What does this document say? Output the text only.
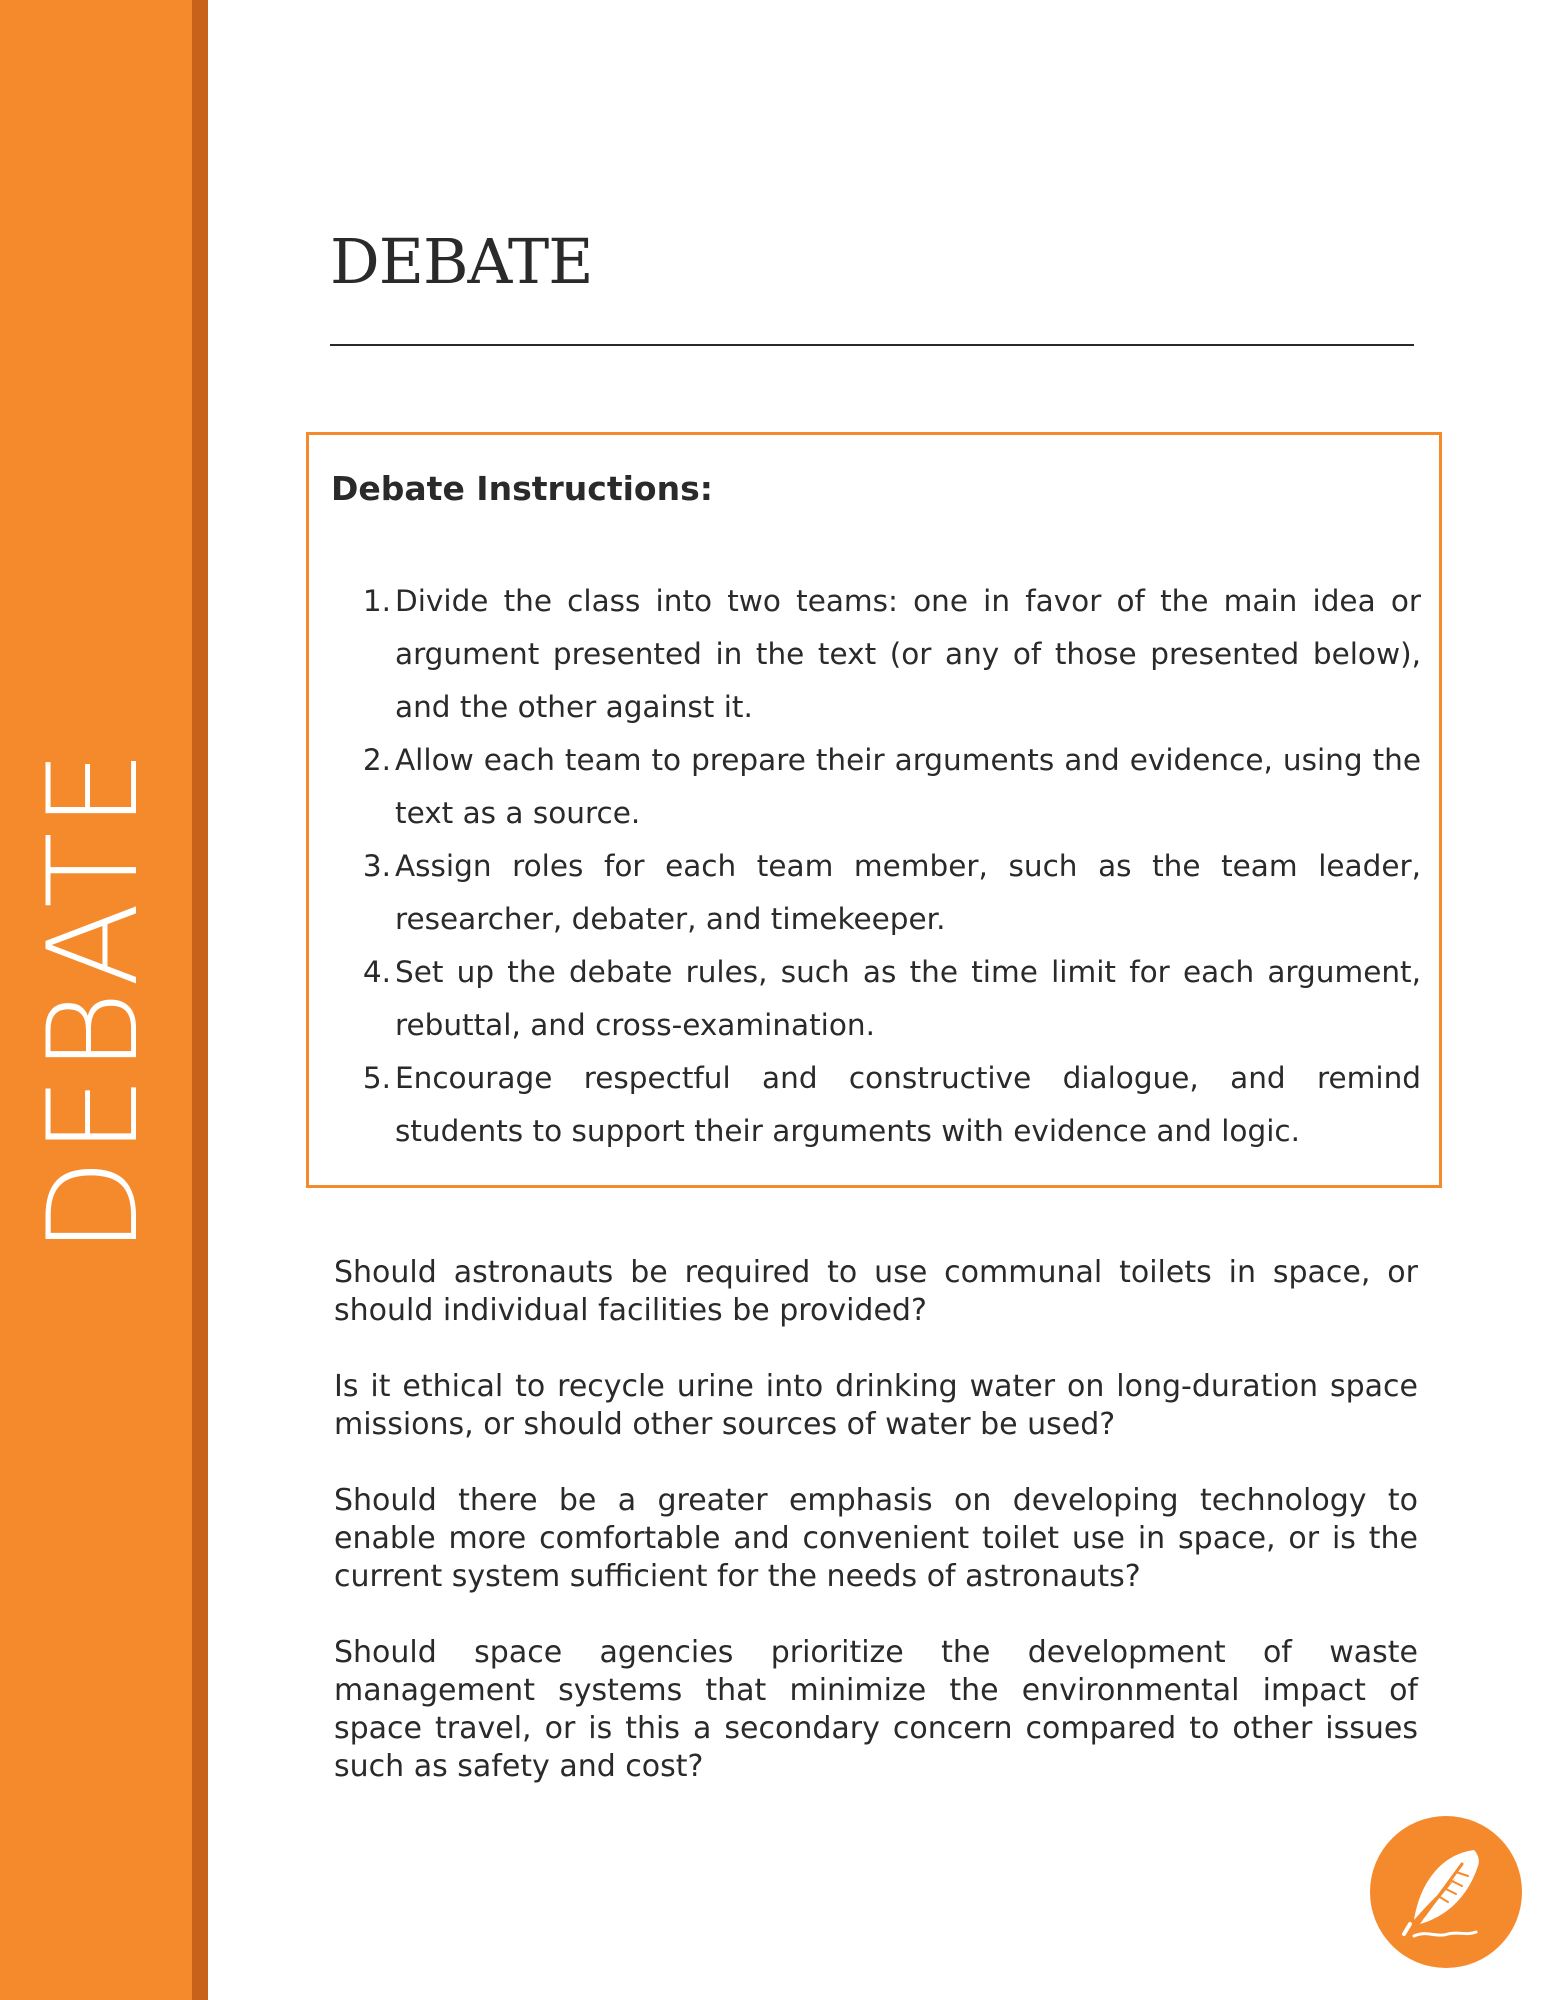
DEBATE
DEBATE
Debate Instructions:
1. Divide the class into two teams: one in favor of the main idea or argument presented in the text (or any of those presented below), and the other against it.
2. Allow each team to prepare their arguments and evidence, using the text as a source.
3. Assign roles for each team member, such as the team leader, researcher, debater, and timekeeper.
4. Set up the debate rules, such as the time limit for each argument, rebuttal, and cross-examination.
5. Encourage respectful and constructive dialogue, and remind students to support their arguments with evidence and logic.

Should astronauts be required to use communal toilets in space, or should individual facilities be provided?

Is it ethical to recycle urine into drinking water on long-duration space missions, or should other sources of water be used?

Should there be a greater emphasis on developing technology to enable more comfortable and convenient toilet use in space, or is the current system sufficient for the needs of astronauts?

Should space agencies prioritize the development of waste management systems that minimize the environmental impact of space travel, or is this a secondary concern compared to other issues such as safety and cost?
